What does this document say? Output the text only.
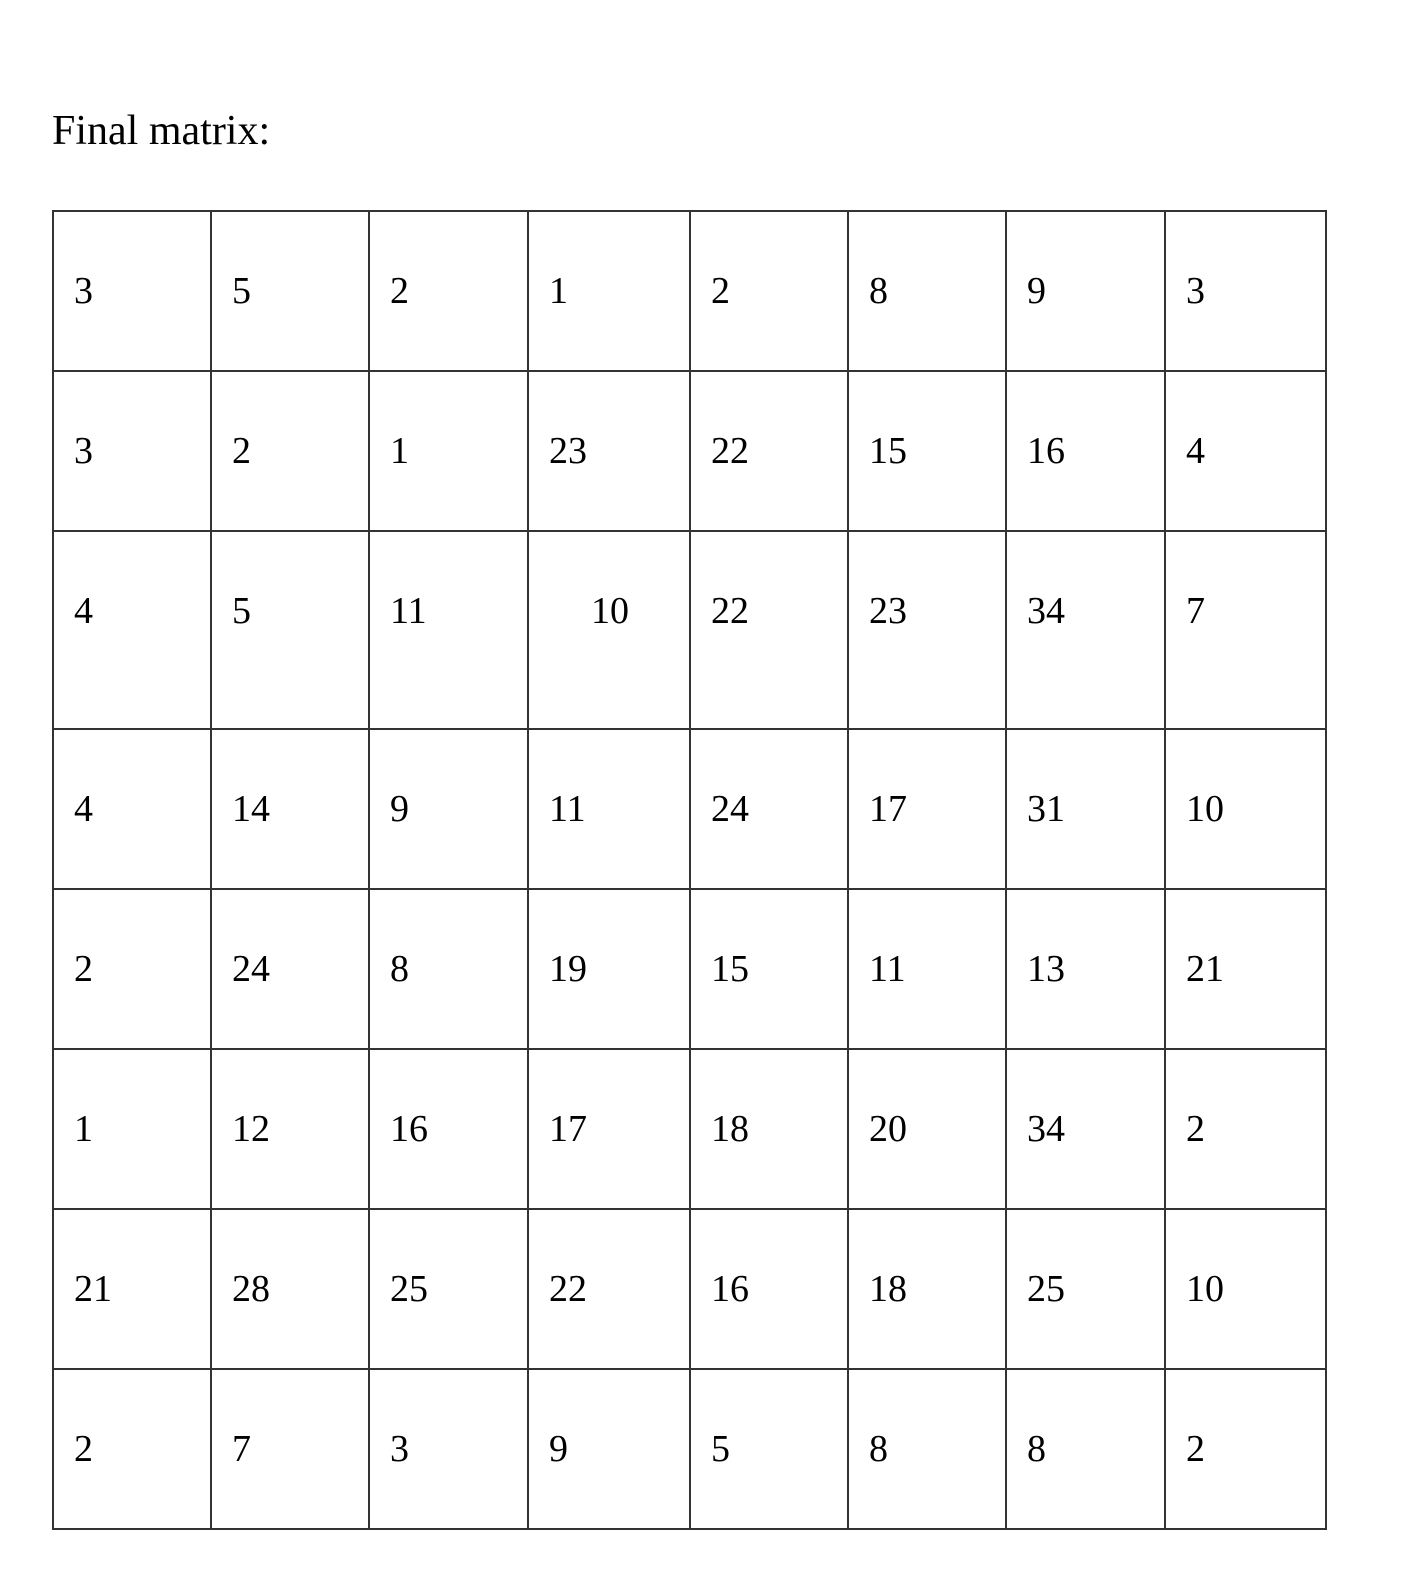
Final matrix:
3	5	2	1	2	8	9	3
3	2	1	23	22	15	16	4
4	5	11	10	22	23	34	7
4	14	9	11	24	17	31	10
2	24	8	19	15	11	13	21
1	12	16	17	18	20	34	2
21	28	25	22	16	18	25	10
2	7	3	9	5	8	8	2
